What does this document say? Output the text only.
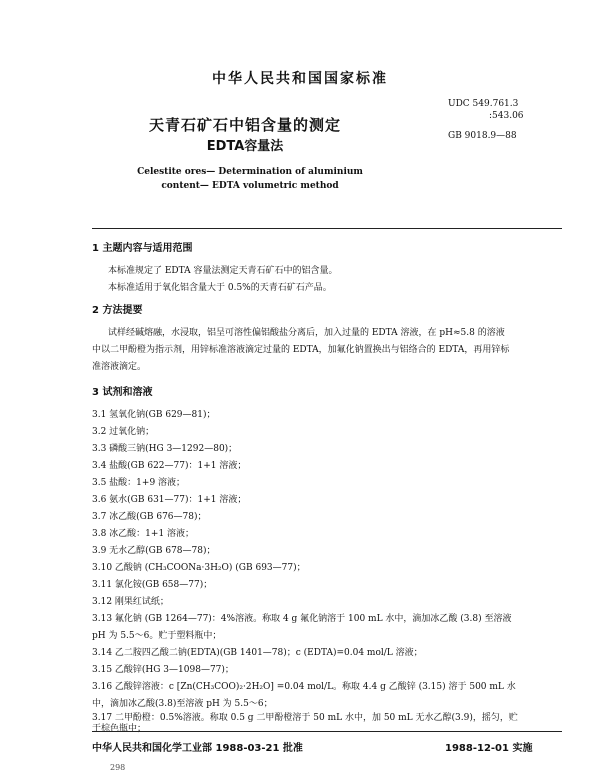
中华人民共和国国家标准
UDC 549.761.3
:543.06
GB 9018.9—88
天青石矿石中铝含量的测定
EDTA容量法
Celestite ores— Determination of aluminium
content— EDTA volumetric method
1 主题内容与适用范围
本标准规定了 EDTA 容量法测定天青石矿石中的铝含量。
本标准适用于氧化铝含量大于 0.5%的天青石矿石产品。
2 方法提要
试样经碱熔融，水浸取，铝呈可溶性偏铝酸盐分离后，加入过量的 EDTA 溶液，在 pH≈5.8 的溶液
中以二甲酚橙为指示剂，用锌标准溶液滴定过量的 EDTA，加氟化钠置换出与铝络合的 EDTA，再用锌标
准溶液滴定。
3 试剂和溶液
3.1 氢氧化钠(GB 629—81)；
3.2 过氧化钠；
3.3 磷酸三钠(HG 3—1292—80)；
3.4 盐酸(GB 622—77)：1+1 溶液；
3.5 盐酸：1+9 溶液；
3.6 氨水(GB 631—77)：1+1 溶液；
3.7 冰乙酸(GB 676—78)；
3.8 冰乙酸：1+1 溶液；
3.9 无水乙醇(GB 678—78)；
3.10 乙酸钠 (CH₃COONa·3H₂O) (GB 693—77)；
3.11 氯化铵(GB 658—77)；
3.12 刚果红试纸；
3.13 氟化钠 (GB 1264—77)：4%溶液。称取 4 g 氟化钠溶于 100 mL 水中，滴加冰乙酸 (3.8) 至溶液
pH 为 5.5～6。贮于塑料瓶中；
3.14 乙二胺四乙酸二钠(EDTA)(GB 1401—78)；c (EDTA)=0.04 mol/L 溶液；
3.15 乙酸锌(HG 3—1098—77)；
3.16 乙酸锌溶液：c [Zn(CH₃COO)₂·2H₂O] =0.04 mol/L。称取 4.4 g 乙酸锌 (3.15) 溶于 500 mL 水
中，滴加冰乙酸(3.8)至溶液 pH 为 5.5～6；
3.17 二甲酚橙：0.5%溶液。称取 0.5 g 二甲酚橙溶于 50 mL 水中，加 50 mL 无水乙醇(3.9)，摇匀，贮
于棕色瓶中；
中华人民共和国化学工业部 1988-03-21 批准	1988-12-01 实施
298
